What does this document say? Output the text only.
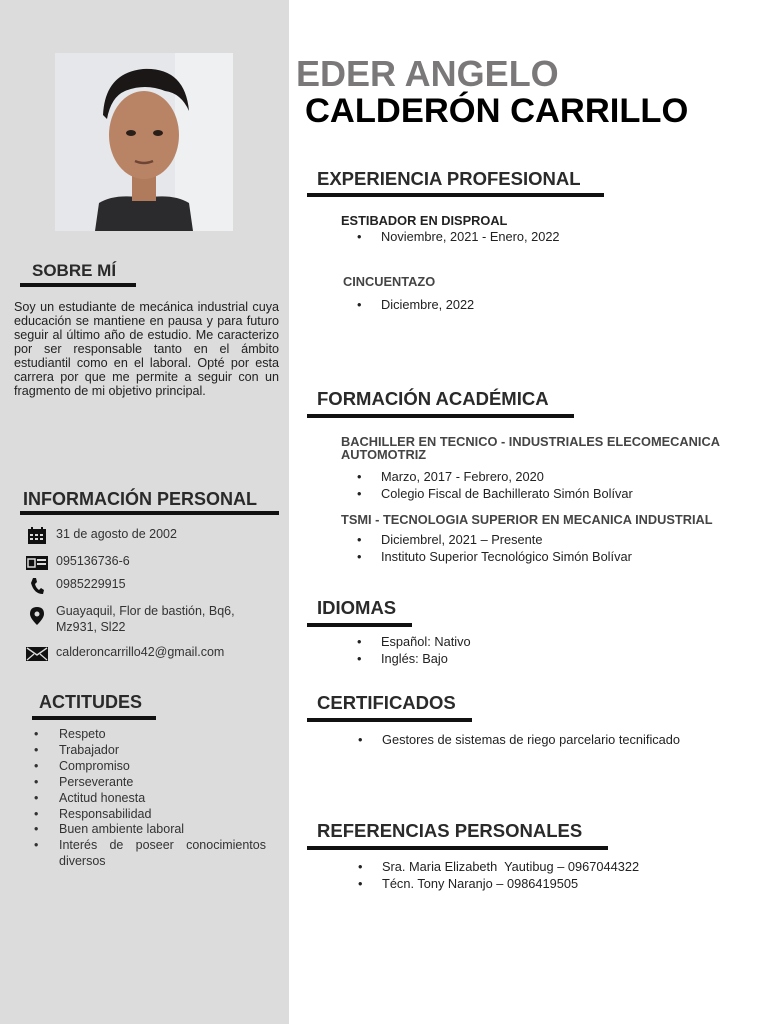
SOBRE MÍ
Soy un estudiante de mecánica industrial cuya educación se mantiene en pausa y para futuro seguir al último año de estudio. Me caracterizo por ser responsable tanto en el ámbito estudiantil como en el laboral. Opté por esta carrera por que me permite a seguir con un fragmento de mi objetivo principal.
INFORMACIÓN PERSONAL
31 de agosto de 2002
095136736-6
0985229915
Guayaquil, Flor de bastión, Bq6,
Mz931, Sl22
calderoncarrillo42@gmail.com
ACTITUDES
• Respeto
• Trabajador
• Compromiso
• Perseverante
• Actitud honesta
• Responsabilidad
• Buen ambiente laboral
• Interés de poseer conocimientos diversos
EDER ANGELO
CALDERÓN CARRILLO
EXPERIENCIA PROFESIONAL
ESTIBADOR EN DISPROAL
• Noviembre, 2021 - Enero, 2022
CINCUENTAZO
• Diciembre, 2022
FORMACIÓN ACADÉMICA
BACHILLER EN TECNICO - INDUSTRIALES ELECOMECANICA AUTOMOTRIZ
• Marzo, 2017 - Febrero, 2020
• Colegio Fiscal de Bachillerato Simón Bolívar
TSMI - TECNOLOGIA SUPERIOR EN MECANICA INDUSTRIAL
• Diciembrel, 2021 – Presente
• Instituto Superior Tecnológico Simón Bolívar
IDIOMAS
• Español: Nativo
• Inglés: Bajo
CERTIFICADOS
• Gestores de sistemas de riego parcelario tecnificado
REFERENCIAS PERSONALES
• Sra. Maria Elizabeth  Yautibug – 0967044322
• Técn. Tony Naranjo – 0986419505
